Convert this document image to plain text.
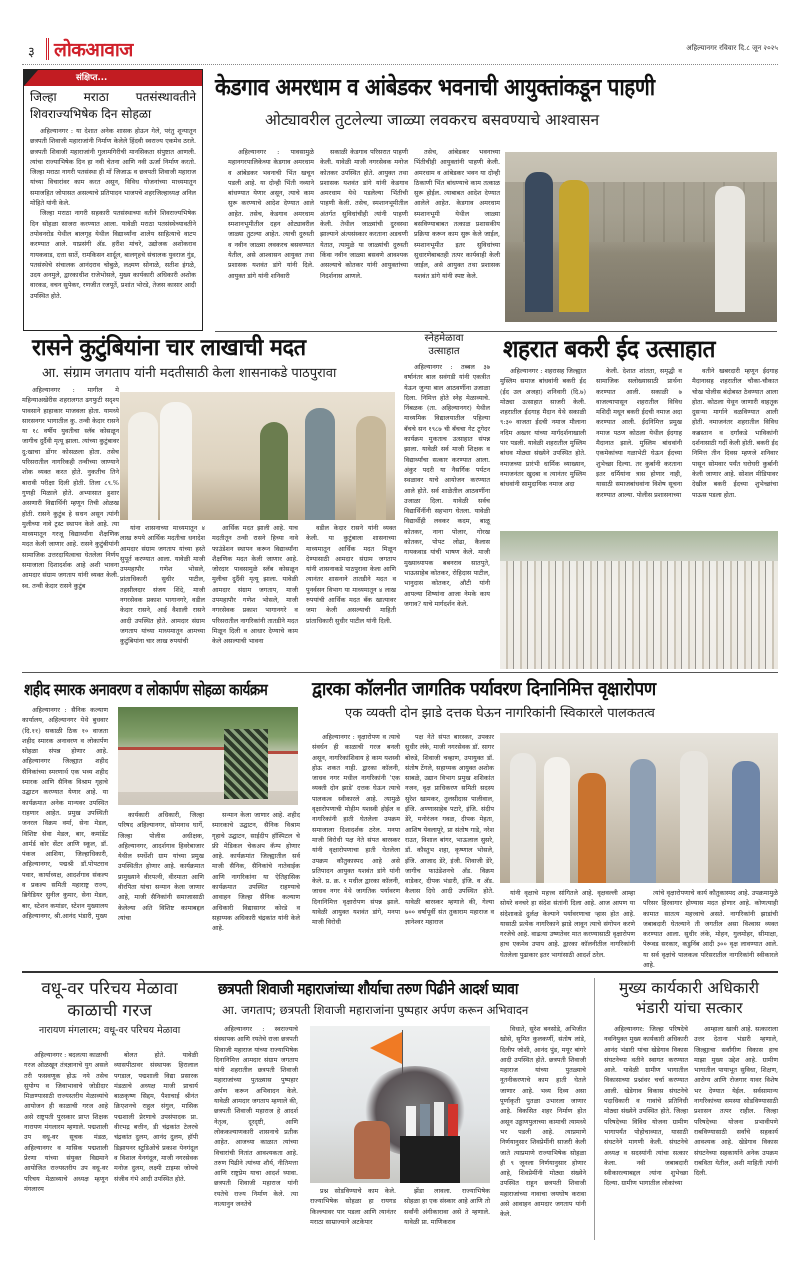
३ लोकआवाज	अहिल्यानगर रविवार दि.८ जून २०२५
संक्षिप्त...
जिल्हा मराठा पतसंस्थावतीने शिवराज्यभिषेक दिन सोहळा

अहिल्यानगर : या देशात अनेक शासक होऊन गेले, परंतु शून्यातून छत्रपती शिवाजी महाराजांनी निर्माण केलेले हिंदवी स्वराज्य एकमेव ठरले. छत्रपती शिवाजी महाराजांनी गुलामगिरीची मानसिकता संपुष्टात आणली. त्यांचा राज्याभिषेक दिन हा नवी चेतना आणि नवी ऊर्जा निर्माण करतो. जिल्हा मराठा नागरी पतसंस्था ही माँ जिजाऊ व छत्रपती शिवाजी महाराज यांच्या विचारांवर काम करत असून, विविध योजनांच्या माध्यमातून समाजहित जोपासत असल्याचे प्रतिपादन भाजपचे शहरजिल्हाध्यक्ष अनिल मोहिते यांनी केले.

जिल्हा मराठा नागरी सहकारी पतसंस्थाच्या वतीने शिवराज्यभिषेक दिन सोहळा साजरा करण्यात आला. यावेळी मराठा पतसंस्थेच्यावतीने तपोवनरोड येथील बालगृह येथील विद्यार्थ्यांना शालेय साहित्याचे वाटप करण्यात आले. याप्रसंगी अ‍ॅड. हरीश मांचरे, उद्योजक अशोकराव गायकवाड, दत्ता सातें, रामकिसन शार्दूल, बालगृहचे संचालक युवराज गुंड, पतसंस्थेचे संचालक आनंदराव चोबुळे, लक्ष्मण सोनाळे, सतीश इंगळे, उदय अनमुले, द्वारकाधीश राजेभोसले, मुख्य कार्यकारी अधिकारी अशोक वारकड, वचन सुपेकर, रणजीत रजपूतें, प्रशांत भोरडे, तेजस कासार आदी उपस्थित होते.

केडगाव अमरधाम व आंबेडकर भवनाची आयुक्तांकडून पाहणी
ओट्यावरील तुटलेल्या जाळ्या लवकरच बसवण्याचे आश्वासन

अहिल्यानगर : पावसामुळे महानगरपालिकेच्या केडगाव अमरधाम व आंबेडकर भवनाची भिंत खचून पडली आहे. या दोन्ही भिंती नव्याने बांधण्यात येणार असून, त्याचे काम सुरू करण्याचे आदेश देण्यात आले आहेत. तसेच, केडगाव अमरधाम स्मशानभूमीतील दहन ओट्यावरील जाळ्या तुटल्या आहेत. त्याची दुरुस्ती व नवीन जाळ्या लवकरच बसवण्यात येतील, असे आश्वासन आयुक्त तथा प्रशासक यशवंत डांगे यांनी दिले. आयुक्त डांगे यांनी शनिवारी

सकाळी केडगाव परिसरात पाहणी केली. यावेळी माजी नगरसेवक मनोज कोतकर उपस्थित होते. आयुक्त तथा प्रशासक यशवंत डांगे यांनी केडगाव अमरधाम येथे पडलेल्या भिंतीची पाहणी केली. तसेच, स्मशानभूमीतील अंतर्गत सुविधांचीही त्यांनी पाहणी केली. तेथील जाळ्यांची दुरवस्था झाल्याने अंत्यसंस्कार करताना अडचणी येतात, त्यामुळे या जाळ्यांची दुरुस्ती किंवा नवीन जाळ्या बसवणे आवश्यक असल्याचे कोतकर यांनी आयुक्तांच्या निदर्शनास आणले.

तसेच, आंबेडकर भवनाच्या भिंतीचीही आयुक्तांनी पाहणी केली. अमरधाम व आंबेडकर भवन या दोन्ही ठिकाणी भिंत बांधण्याचे काम तत्काळ सुरू होईल. त्याबाबत आदेश देण्यात आलेले आहेत. केडगाव अमरधाम स्मशानभूमी येथील जाळ्या बसविण्याबाबत तत्काळ प्रशासकीय प्रक्रिया करून काम सुरू केले जाईल, स्मशानभूमीत इतर सुविधांच्या सुधारणेबाबतही तत्पर कार्यवाही केली जाईल, असे आयुक्त तथा प्रशासक यशवंत डांगे यांनी स्पष्ट केले.

रासने कुटुंबियांना चार लाखाची मदत
आ. संग्राम जगताप यांनी मदतीसाठी केला शासनाकडे पाठपुरावा

अहिल्यानगर : मागील मे महिन्याअखेरीस शहरालगत ढगफुटी सदृश्य पावसाने हाहाकार माजवला होता. यामध्ये सारसनगर भागातील कु. तन्वी केदार रासने या १८ वर्षीय युवतीचा स्लॅब कोसळून जागीच दुर्दैवी मृत्यू झाला. त्यांच्या कुटुंबावर दु:खाचा डोंगर कोसळला होता. तसेच परिसरातील नागरिकही तन्वीच्या जाण्याने शोक व्यक्त करत होते. नुकतीच तिने बारावी परीक्षा दिली होती. तिला ८९.% गुणही मिळाले होते. अभ्यासात हुशार असणारी विद्यार्थिनी म्हणून तिची ओळख होती. रासने कुटुंब हे सधन असून त्यांनी मुलीच्या नावे ट्रस्ट स्थापन केले आहे. त्या माध्यमातून गरजू विद्यार्थ्यांना शैक्षणिक मदत केली जाणार आहे. रासने कुटुंबीयांनी सामाजिक उत्तरदायित्वाचा घेतलेला निर्णय समाजाला दिशादर्शक आहे अशी भावना आमदार संग्राम जगताप यांनी व्यक्त केली. स्व. तन्वी केदार रासने कुटुंब

यांना शासनाच्या माध्यमातून ४ लाख रुपये आर्थिक मदतीचा धनादेश आमदार संग्राम जगताप यांच्या हस्ते सुपूर्त करण्यात आला. यावेळी माजी उपमहापौर गणेश भोसले, प्रांताधिकारी सुधीर पाटील, तहसीलदार संजय शिंदे, माजी नगरसेवक प्रकाश भागानगरे, वडील केदार रासने, आई वैशाली रासने आदी उपस्थित होते. आमदार संग्राम जगताप यांच्या माध्यमातून आमच्या कुटुंबियांना चार लाख रुपयांची

आर्थिक मदत झाली आहे. याच मदतीतून तन्वी रासने हिच्या नावे फाउंडेशन स्थापन करून विद्यार्थ्यांना शैक्षणिक मदत केली जाणार आहे. जोरदार पावसामुळे स्लॅब कोसळून मुलीचा दुर्दैवी मृत्यू झाला. यावेळी आमदार संग्राम जगताप, माजी उपमहापौर गणेश भोसले, माजी नगरसेवक प्रकाश भागानगरे व परिसरातील नागरिकांनी तातडीने मदत मिळून दिली व आधार देण्याचे काम केले असल्याची भावना

वडील केदार रासने यांनी व्यक्त केली. या कुटुंबाला शासनाच्या माध्यमातून आर्थिक मदत मिळून देण्यासाठी आमदार संग्राम जगताप यांनी शासनाकडे पाठपुरावा केला आणि त्यानंतर शासनाने तातडीने मदत व पुनर्वसन विभाग या माध्यमातून ४ लाख रुपयांची आर्थिक मदत बँक खात्यावर जमा केली असल्याची माहिती प्रांताधिकारी सुधीर पाटील यांनी दिली.

स्नेहमेळावा
उत्साहात

अहिल्यानगर : तब्बल ३७ वर्षानंतर बाल सवंगडी यांनी एकत्रीत येऊन जुन्या बाल आठवणींना उजाळा दिला. निमित्त होते स्नेह मेळाव्याचे. निंबळक (ता. अहिल्यानगर) येथील माध्यमिक विद्यालयातील पहिल्या बॅचचे सन १९८७ ची बॅचचा गेट टूगेदर कार्यक्रम मुकताच उत्साहात संपन्न झाला. यावेळी सर्व माजी शिक्षक व विद्यार्थ्यांचा सत्कार करण्यात आला. अंकुर पदरी या नैसर्गिक पर्यटन स्थळावर याचे आयोजन करण्यात आले होते. सर्व शाळेतील आठवणींना उजाळा दिला. यावेळी सर्वच विद्यार्थिनींनी सहभाग घेतला. यावेळी विद्यार्थीही लवकर कदम, बाळू कोतकर, नाना पोलार, गोरख कोतकर, पोपट लोढा, कैलास गायकवाड यांची भाषण केले. माजी मुख्याध्यापक बबनराव सातपुते, भाऊसाहेब कोतकर, रोहिदास पाटील, भानुदास कोतकर, औटी यांनी आपल्या शिष्यांना आजा नेमके काय जगाव? याचे मार्गदर्शन केले.

शहरात बकरी ईद उत्साहात

अहिल्यानगर : शहरासह जिल्ह्यात मुस्लिम समाज बांधवांनी बकरी ईद (ईद उल अजहा) शनिवारी (दि.७) मोठ्या उत्साहात साजरी केली. शहरातील ईदगाह मैदान येथे सकाळी ९:३० वाजता ईदची नमाज मौलाना नदिम अख्तर यांच्या मार्गदर्शनाखाली पार पडली. यावेळी शहरातील मुस्लिम बांधव मोठ्या संख्येने उपस्थित होते. नमाजच्या प्रारंभी धार्मिक व्याख्यान, नमाजनंतर खुदबा व त्यानंतर मुस्लिम बांधवांनी सामुदायिक नमाज अदा

केली. देशात शांतता, समृद्धी व सामाजिक सलोख्यासाठी प्रार्थना करण्यात आली. सकाळी ७ वाजल्यापासून शहरातील विविध मशिदी मधून बकरी ईदची नमाज अदा करण्यात आली. ईदनिमित्त प्रमुख नमाज पठण कोठला येथील ईदगाह मैदानात झाले. मुस्लिम बांधवांनी एकमेकांच्या गळाभेटी घेऊन ईदच्या शुभेच्छा दिल्या. तर कुर्बानी करताना इतर धर्मियांना त्रास होणार नाही, यासाठी समाजबांधवांना विशेष सूचना करण्यात आल्या. पोलीस प्रशासनाच्या

वतीने खबरदारी म्हणून ईदगाह मैदानासह शहरातील चौका-चौकात चोख पोलीस बंदोबस्त ठेवण्यात आला होता. कोठला येथून जाणारी वाहतूक दुसऱ्या मार्गाने वळविण्यात आली होती. नमाजनंतर शहरातील विविध कब्रस्तान व दर्गांकडे भाविकांनी दर्शनासाठी गर्दी केली होती. बकरी ईद निमित्त तीन दिवस म्हणजे शनिवार पासून सोमवार पर्यंत घरोघरी कुर्बानी केली जाणार आहे. सोशल मीडियावर देखील बकरी ईदच्या शुभेच्छांचा पाऊस पडला होता.

शहीद स्मारक अनावरण व लोकार्पण सोहळा कार्यक्रम

अहिल्यानगर : सैनिक कल्याण कार्यालय, अहिल्यानगर येथे बुधवार (दि.११) सकाळी ठिक १० वाजता शहीद स्मारक अनावरण व लोकार्पण सोहळा संपन्न होणार आहे. अहिल्यानगर जिल्ह्यात शहीद सैनिकांच्या स्मरणार्थ एक भव्य शहीद स्मारक आणि सैनिक विश्राम गृहाचे उद्घाटन करण्यात येणार आहे. या कार्यक्रमात अनेक मान्यवर उपस्थित राहणार आहेत. प्रमुख उपस्थिती जनरल विक्रम वर्मा, सेना मेडल, विशिष्ट सेवा मेडल, बार, कमांडेंट आर्मर्ड कोर सेंटर आणि स्कूल, डॉ. पंकज आशिया, जिल्हाधिकारी, अहिल्यानगर, पद्मश्री डॉ.पोपटराव पवार, कार्याध्यक्ष, आदर्शगाव संकल्प व प्रकल्प समिती महाराष्ट्र राज्य, ब्रिगेडियर सुनील कुमार, सेना मेडल, बार, स्टेशन कमांडर, स्टेशन मुख्यालय अहिल्यानगर, श्री.आनंद भंडारी, मुख्य

कार्यकारी अधिकारी, जिल्हा परिषद अहिल्यानगर, सोमनाथ घार्गे, जिल्हा पोलीस अधीक्षक, अहिल्यानगर, आदर्शगाव हिवरेबाजार येथील स्पर्धेशी ग्राम यांच्या प्रमुख उपस्थितीत होणार आहे. कार्यक्रमात प्रामुख्याने वीरपत्नी, वीरमाता आणि वीरपिता यांचा सन्मान केला जाणार आहे, माजी सैनिकांनी समाजासाठी केलेल्या अति विशिष्ट कामाबद्दल त्यांचा

सन्मान केला जाणार आहे. शहीद स्मारकाचे उद्घाटन, सैनिक विश्राम गृहाचे उद्घाटन, साईदीप हॉस्पिटल चे फ्री मेडिकल चेकअप कॅम्प होणार आहे. कार्यक्रमांत जिल्ह्यातील सर्व माजी सैनिक, सैनिकांचे नातेवाईक आणि नागरिकांना या ऐतिहासिक कार्यक्रमात उपस्थित राहण्याचे आवाहन जिल्हा सैनिक कल्याण अधिकारी विद्यासागर कोरडे व सहाय्यक अधिकारी चंद्रकांत यांनी केले आहे.

द्वारका कॉलनीत जागतिक पर्यावरण दिनानिमित्त वृक्षारोपण
एक व्यक्ती दोन झाडे दत्तक घेऊन नागरिकांनी स्विकारले पालकतत्व

अहिल्यानगर : वृक्षारोपण व त्याचे संवर्धन ही काळाची गरज बनली असून, नागरिकांशिवाय हे काम यशस्वी होऊ शकत नाही. द्वारका कॉलनी, जाधव नगर मधील नागरिकांनी 'एक व्यक्ती दोन झाडे' दत्तक घेऊन त्याचे पालकत्व स्वीकारले आहे. त्यामुळे वृक्षारोपणाची मोहीम यशस्वी होईल व नागरिकांनी हाती घेतलेला उपक्रम समाजाला दिशादर्शक ठरेल. मनपा माजी विरोधी पक्ष नेते संपत बारस्कर यांनी वृक्षारोपणाचा हाती घेतलेला उपक्रम कौतुकास्पद आहे असे प्रतिपादन आयुक्त यशवंत डांगे यांनी केले. प्र. क्र. १ मधील द्वारका कॉलनी, जाधव नगर येथे जागतिक पर्यावरण दिनानिमित्त वृक्षारोपण संपन्न झाले. यावेळी आयुक्त यशवंत डांगे, मनपा माजी विरोधी

पक्ष नेते संपत बारस्कर, उपकार सुधीर लंके, माजी नगरसेवक डॉ. सागर बोरुडे, शिवाजी चव्हाण, उपायुक्त डॉ. संतोष टेंगले, सहाय्यक आयुक्त अशोक साबळे, उद्यान विभाग प्रमुख शशिकांत नजन, वृक्ष प्राधिकरण समिती सदस्य सुरेश खामकर, तुलसीदास पालीवाल, इंजि. अण्णासाहेब पटारे, इंजि. संदीप डेरे, मनोरंजन गवळ, दीपक मेहता, आशिष येवलापूरे, प्रा संतोष गाडे, नरेश राउत, विशाल बांगर, भाऊलाल सुसरे, डॉ. कौस्तुभ शहा, कृष्णाल भोसले, इंजि. आजाद डेरे, इंजी. शिवाजी डेरे, जागीच फाउंडेशनचे अ‍ॅड. विक्रम वाडेकर, दीपक भंडारी, इंजि. व अ‍ॅड. कैलास दिघे आदी उपस्थित होते. यावेळी बारस्कर म्हणाले की, गेल्या ७०० वर्षापूर्वी संत तुकाराम महाराज व ज्ञानेश्वर महाराज

यांनी वृक्षाचे महत्त्व सांगितले आहे. वृक्षवल्ली आम्हा सोयरे वनचरे हा संदेश संतांनी दिला आहे. आज आपण या संदेशाकडे दुर्लक्ष केल्याने पर्यावरणाचा ऱ्हास होत आहे. यासाठी प्रत्येक नागरिकाने झाडे लावून त्याचे संगोपन करणे गरजेचे आहे. वाढत्या उष्णतेवर मात करण्यासाठी वृक्षारोपण हाच एकमेव उपाय आहे. द्वारका कॉलनीतील नागरिकांनी घेतलेला पुढाकार इतर भागांसाठी आदर्श ठरेल.

त्यांचे वृक्षारोपणाचे कार्य कौतुकास्पद आहे. उपक्रमामुळे परिसर हिरवागार होण्यास मदत होणार आहे. कोणत्याही कामात सातत्य महत्त्वाचे असते. नागरिकांनी झाडांची जबाबदारी घेतल्याने ती जगतील असा विश्वास व्यक्त करण्यात आला. सुधीर लंके, मोहन, गुलमोहर, सीमाक्षा, पेरूवड सरकार, कडुनिंब आदी ३०० वृक्ष लावण्यात आले. या सर्व वृक्षांचे पालकत्व परिसरातील नागरिकांनी स्वीकारले आहे.

वधू-वर परिचय मेळावा
काळाची गरज
नारायण मंगलारम; वधू-वर परिचय मेळावा

अहिल्यानगर : बदलत्या काळाची गरज ओळखून तंत्रज्ञानाचे युग असले तरी फसवणूक होऊ नये तसेच सुयोग्य व जिवाभावाचे जोडीदार मिळण्यासाठी राज्यस्तरीय मेळाव्यांचे आयोजन ही काळाची गरज आहे असे राष्ट्रपती पुरस्कार प्राप्त शिक्षक नारायण मंगलारम म्हणाले. पद्मशाली उप वधू-वर सूचक मंडळ, अहिल्यानगर व मासिक पद्मशाली प्रेरणा यांच्या संयुक्त विद्यमाने आयोजित राज्यस्तरीय उप वधू-वर परिचय मेळाव्याचे अध्यक्ष म्हणून मंगलारम

बोलत होते. यावेळी व्यासपीठावर संस्थापक हिरालाल पगडाल, पद्मशाली विद्या प्रसारक मंडळाचे अध्यक्ष माजी प्राचार्य बाळकृष्ण सिद्दम, पैशाचाई श्रीनंत क्रिएशनचे राहुल संगुल, मासिक पद्मशाली प्रेरणाचे उपसंपादक प्रा. वीरभद्र बत्तीन, डी चंद्रकांत टेलरचे चंद्रकांत दुलम, आनंद दुलम, हॉपी डिझायनर स्टुडिओचे प्रकाश येनगंदूल व विशाल येनगंदूल, माजी नगरसेवक मनोज दुलम, लक्ष्मी टाइम्स जोयचे संजीव गंभे आदी उपस्थित होते.

छत्रपती शिवाजी महाराजांच्या शौर्याचा तरुण पिढीने आदर्श घ्यावा
आ. जगताप; छत्रपती शिवाजी महाराजांना पुष्पहार अर्पण करून अभिवादन

अहिल्यानगर : स्वराज्याचे संस्थापक आणि रयतेचे राजा छत्रपती शिवाजी महाराज यांच्या राज्याभिषेक दिनानिमित्त आमदार संग्राम जगताप यांनी शहरातील छत्रपती शिवाजी महाराजांच्या पुतळ्यास पुष्पहार अर्पण करून अभिवादन केले. यावेळी आमदार जगताप म्हणाले की, छत्रपती शिवाजी महाराज हे आदर्श नेतृत्व, दूरदृष्टी, आणि लोककल्याणकारी शासनाचे प्रतीक आहेत. आजच्या काळात त्यांच्या विचारांची नितांत आवश्यकता आहे. तरुण पिढीने त्यांच्या शौर्य, नीतिमत्ता आणि राष्ट्रप्रेम याचा आदर्श घ्यावा. छत्रपती शिवाजी महाराज यांनी रयतेचे राज्य निर्माण केले. त्या नात्यानुन जनतेचे

प्रश्न सोडविण्याचे काम केले. राज्याभिषेक सोहळा हा रायगड किल्ल्यावर पार पडला आणि त्यानंतर मराठा साम्राज्याने अटकेपार

झेंडा लावला. राज्याभिषेक सोहळा हा एक संस्कार आहे आणि तो सर्वांनी अंगीकारावा असे ते म्हणाले. यावेळी प्रा. माणिकराव

विधाते, सुरेश बनसोडे, अभिजीत खोसे, सुमित कुलकर्णी, संतोष लांडे, दिलीप जोशी, आनंद पुंड, मयूर बांगरे आदी उपस्थित होते. छत्रपती शिवाजी महाराज यांच्या पुतळ्याचे नूतनीकरणाचे काम हाती घेतले जाणार आहे. भव्य दिव्य असा पूर्णाकृती पुतळा उभारला जाणार आहे. विकसित शहर निर्माण होत असून उड्डाणपुलाच्या कामाची त्यामध्ये भर पडली आहे. त्याप्रमाणे निर्णयानुसार शिवप्रेमींनी साजरी केली जाते त्याप्रमाणे राज्याभिषेक सोहळा ही ९ जूनला निर्णयानुसार होणार आहे, शिवप्रेमींनी मोठ्या संख्येने उपस्थित राहून छत्रपती शिवाजी महाराजांच्या नावाचा जयघोष करावा असे आवाहन आमदार जगताप यांनी केले.

मुख्य कार्यकारी अधिकारी
भंडारी यांचा सत्कार

अहिल्यानगर: जिल्हा परिषदेचे नवनियुक्त मुख्य कार्यकारी अधिकारी आनंद भंडारी यांचा खेडेगाव विकास संघटनेच्या वतीने स्वागत करण्यात आले. यावेळी ग्रामीण भागातील विकासाच्या प्रश्नांवर चर्चा करण्यात आली. खेडेगाव विकास संघटनेचे पदाधिकारी व गावांचे प्रतिनिधी मोठ्या संख्येने उपस्थित होते. जिल्हा परिषदेच्या विविध योजना ग्रामीण भागापर्यंत पोहोचाव्यात, यासाठी संघटनेने मागणी केली. संघटनेचे अध्यक्ष व सदस्यांनी त्यांचा सत्कार केला. नवी जबाबदारी स्वीकारल्याबद्दल त्यांना शुभेच्छा दिल्या. ग्रामीण भागातील लोकांच्या

आम्हाला खात्री आहे. सत्काराला उत्तर देताना भंडारी म्हणाले, जिल्ह्याचा सर्वांगीण विकास हाच माझा मुख्य उद्देश आहे. ग्रामीण भागातील पायाभूत सुविधा, शिक्षण, आरोग्य आणि रोजगार यावर विशेष भर देण्यात येईल. सर्वसामान्य नागरिकांच्या समस्या सोडविण्यासाठी प्रशासन तत्पर राहील. जिल्हा परिषदेच्या योजना प्रभावीपणे राबविण्यासाठी सर्वांचे सहकार्य आवश्यक आहे. खेडेगाव विकास संघटनेच्या सहकार्याने अनेक उपक्रम राबविता येतील, अशी माहिती त्यांनी दिली.
